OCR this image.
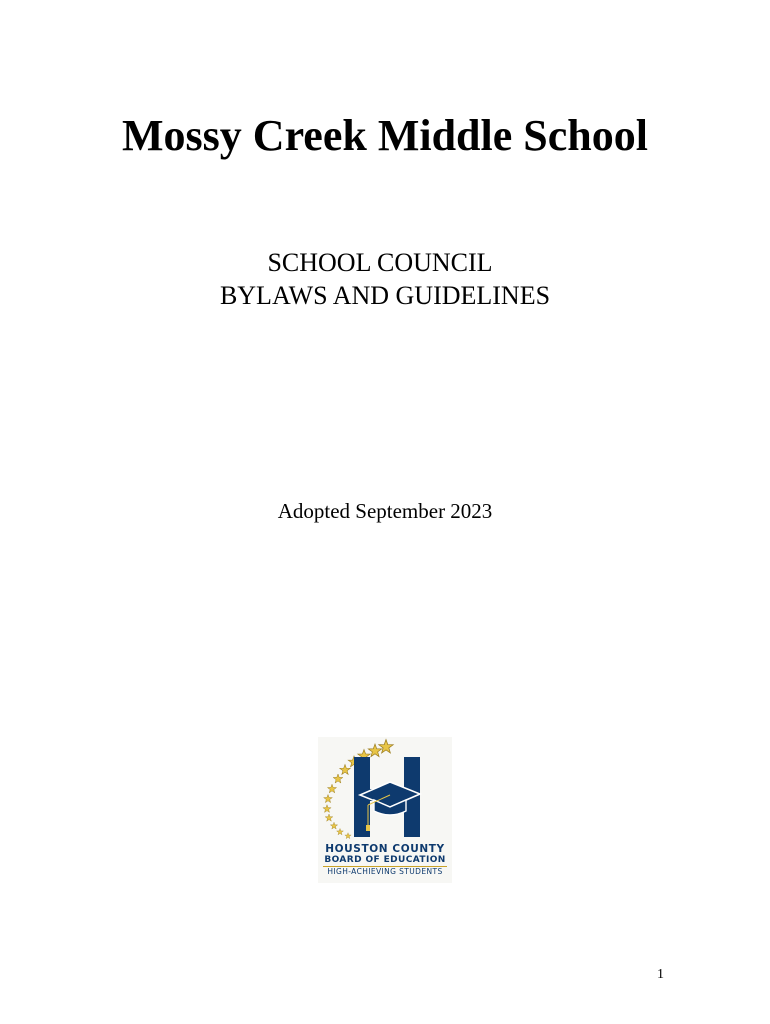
Mossy Creek Middle School
SCHOOL COUNCIL
BYLAWS AND GUIDELINES
Adopted September 2023
HOUSTON COUNTY
BOARD OF EDUCATION
HIGH-ACHIEVING STUDENTS
1
